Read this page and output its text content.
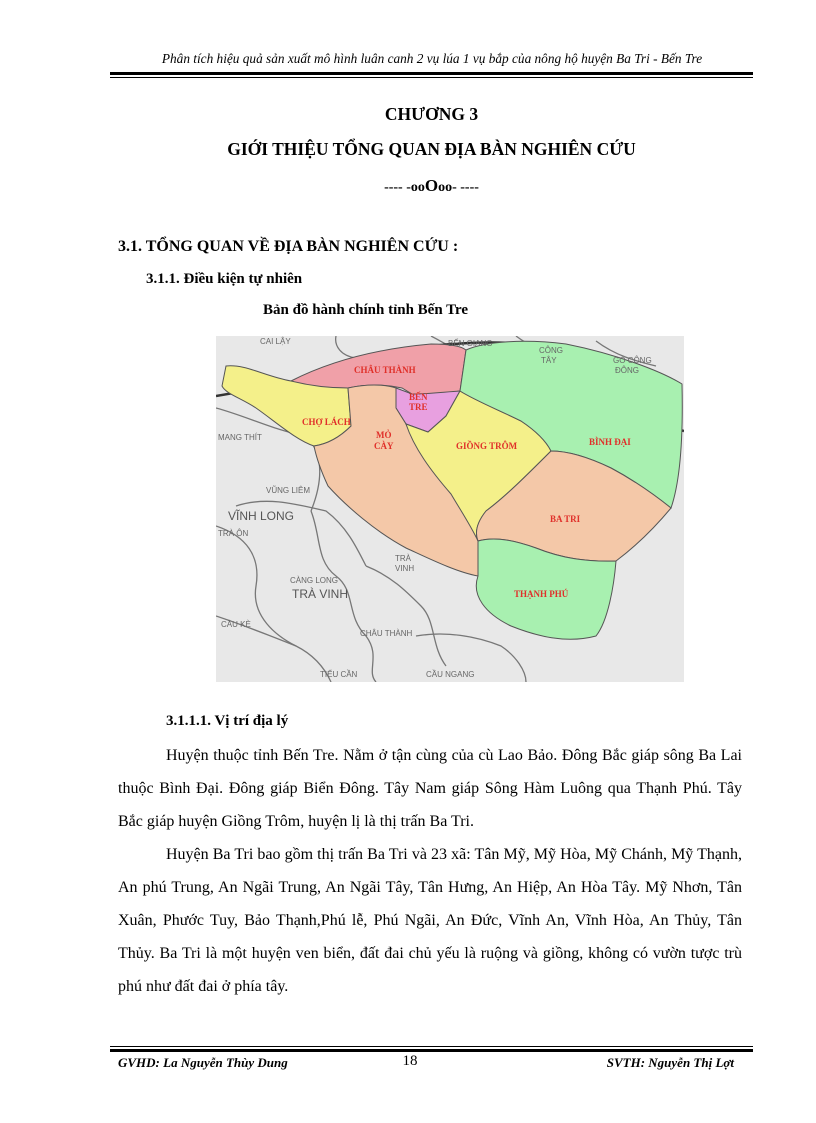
Phân tích hiệu quả sản xuất mô hình luân canh 2 vụ lúa 1 vụ bắp của nông hộ huyện Ba Tri - Bến Tre
CHƯƠNG 3
GIỚI THIỆU TỔNG QUAN ĐỊA BÀN NGHIÊN CỨU
---- -ooOoo- ----
3.1. TỔNG QUAN VỀ ĐỊA BÀN NGHIÊN CỨU :
3.1.1. Điều kiện tự nhiên
Bản đồ hành chính tỉnh Bến Tre
CHÂU THÀNH
BẾN
TRE
CHỢ LÁCH
MỎ
CÀY	GIỒNG TRÔM	BÌNH ĐẠI
BA TRI
THẠNH PHÚ
CAI LẬY	BẾN GIANG
CÔNG
TÂY	GÒ CÔNG
ĐÔNG
MANG THÍT
VŨNG LIÊM
TRÀ ÔN
CÀNG LONG
TRÀ
VINH
CẦU KÈ
CHÂU THÀNH
TIỂU CẦN	CẦU NGANG
VĨNH LONG
TRÀ VINH
3.1.1.1. Vị trí địa lý

Huyện thuộc tỉnh Bến Tre. Nằm ở tận cùng của cù Lao Bảo. Đông Bắc giáp sông Ba Lai thuộc Bình Đại. Đông giáp Biển Đông. Tây Nam giáp Sông Hàm Luông qua Thạnh Phú. Tây Bắc giáp huyện Giồng Trôm, huyện lị là thị trấn Ba Tri.

Huyện Ba Tri bao gồm thị trấn Ba Tri và 23 xã: Tân Mỹ, Mỹ Hòa, Mỹ Chánh, Mỹ Thạnh, An phú Trung, An Ngãi Trung, An Ngãi Tây, Tân Hưng, An Hiệp, An Hòa Tây. Mỹ Nhơn, Tân Xuân, Phước Tuy, Bảo Thạnh,Phú lễ, Phú Ngãi, An Đức, Vĩnh An, Vĩnh Hòa, An Thủy, Tân Thủy. Ba Tri là một huyện ven biển, đất đai chủ yếu là ruộng và giồng, không có vườn tược trù phú như đất đai ở phía tây.

GVHD: La Nguyễn Thùy Dung	18	SVTH: Nguyễn Thị Lợt
